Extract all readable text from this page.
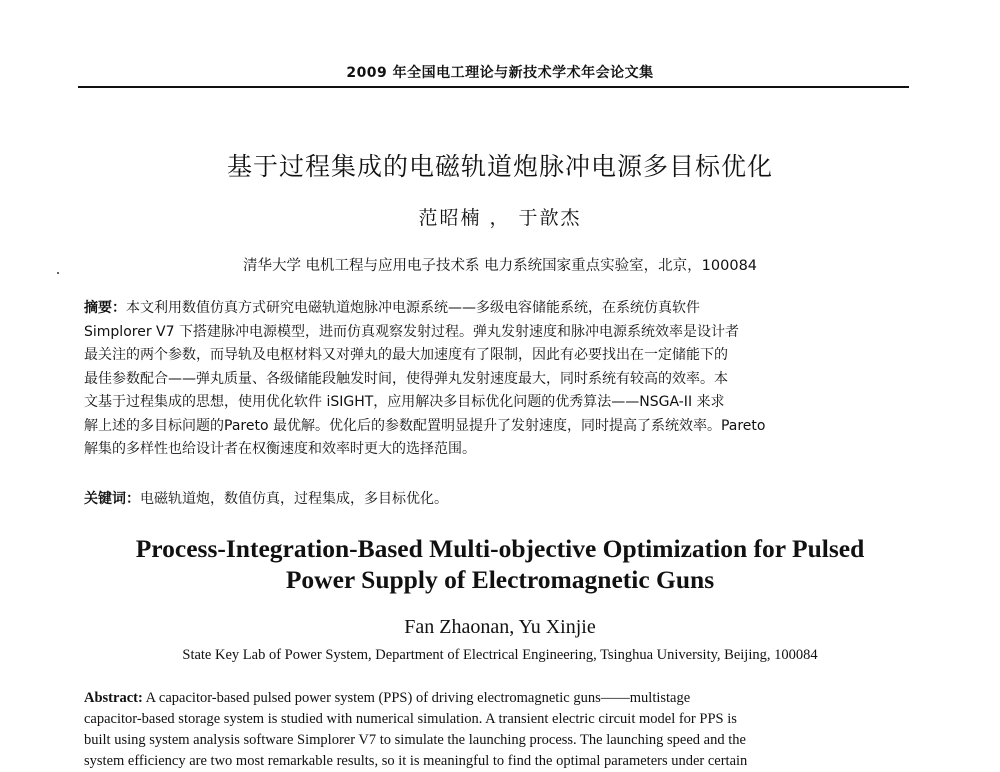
2009 年全国电工理论与新技术学术年会论文集
基于过程集成的电磁轨道炮脉冲电源多目标优化
范昭楠 ， 于歆杰
清华大学 电机工程与应用电子技术系 电力系统国家重点实验室，北京，100084
摘要：本文利用数值仿真方式研究电磁轨道炮脉冲电源系统——多级电容储能系统，在系统仿真软件
Simplorer V7 下搭建脉冲电源模型，进而仿真观察发射过程。弹丸发射速度和脉冲电源系统效率是设计者
最关注的两个参数，而导轨及电枢材料又对弹丸的最大加速度有了限制，因此有必要找出在一定储能下的
最佳参数配合——弹丸质量、各级储能段触发时间，使得弹丸发射速度最大，同时系统有较高的效率。本
文基于过程集成的思想，使用优化软件 iSIGHT，应用解决多目标优化问题的优秀算法——NSGA-II 来求
解上述的多目标问题的Pareto 最优解。优化后的参数配置明显提升了发射速度，同时提高了系统效率。Pareto
解集的多样性也给设计者在权衡速度和效率时更大的选择范围。
关键词：电磁轨道炮，数值仿真，过程集成，多目标优化。
Process-Integration-Based Multi-objective Optimization for Pulsed
Power Supply of Electromagnetic Guns
Fan Zhaonan, Yu Xinjie
State Key Lab of Power System, Department of Electrical Engineering, Tsinghua University, Beijing, 100084
Abstract: A capacitor-based pulsed power system (PPS) of driving electromagnetic guns——multistage
capacitor-based storage system is studied with numerical simulation. A transient electric circuit model for PPS is
built using system analysis software Simplorer V7 to simulate the launching process. The launching speed and the
system efficiency are two most remarkable results, so it is meaningful to find the optimal parameters under certain
